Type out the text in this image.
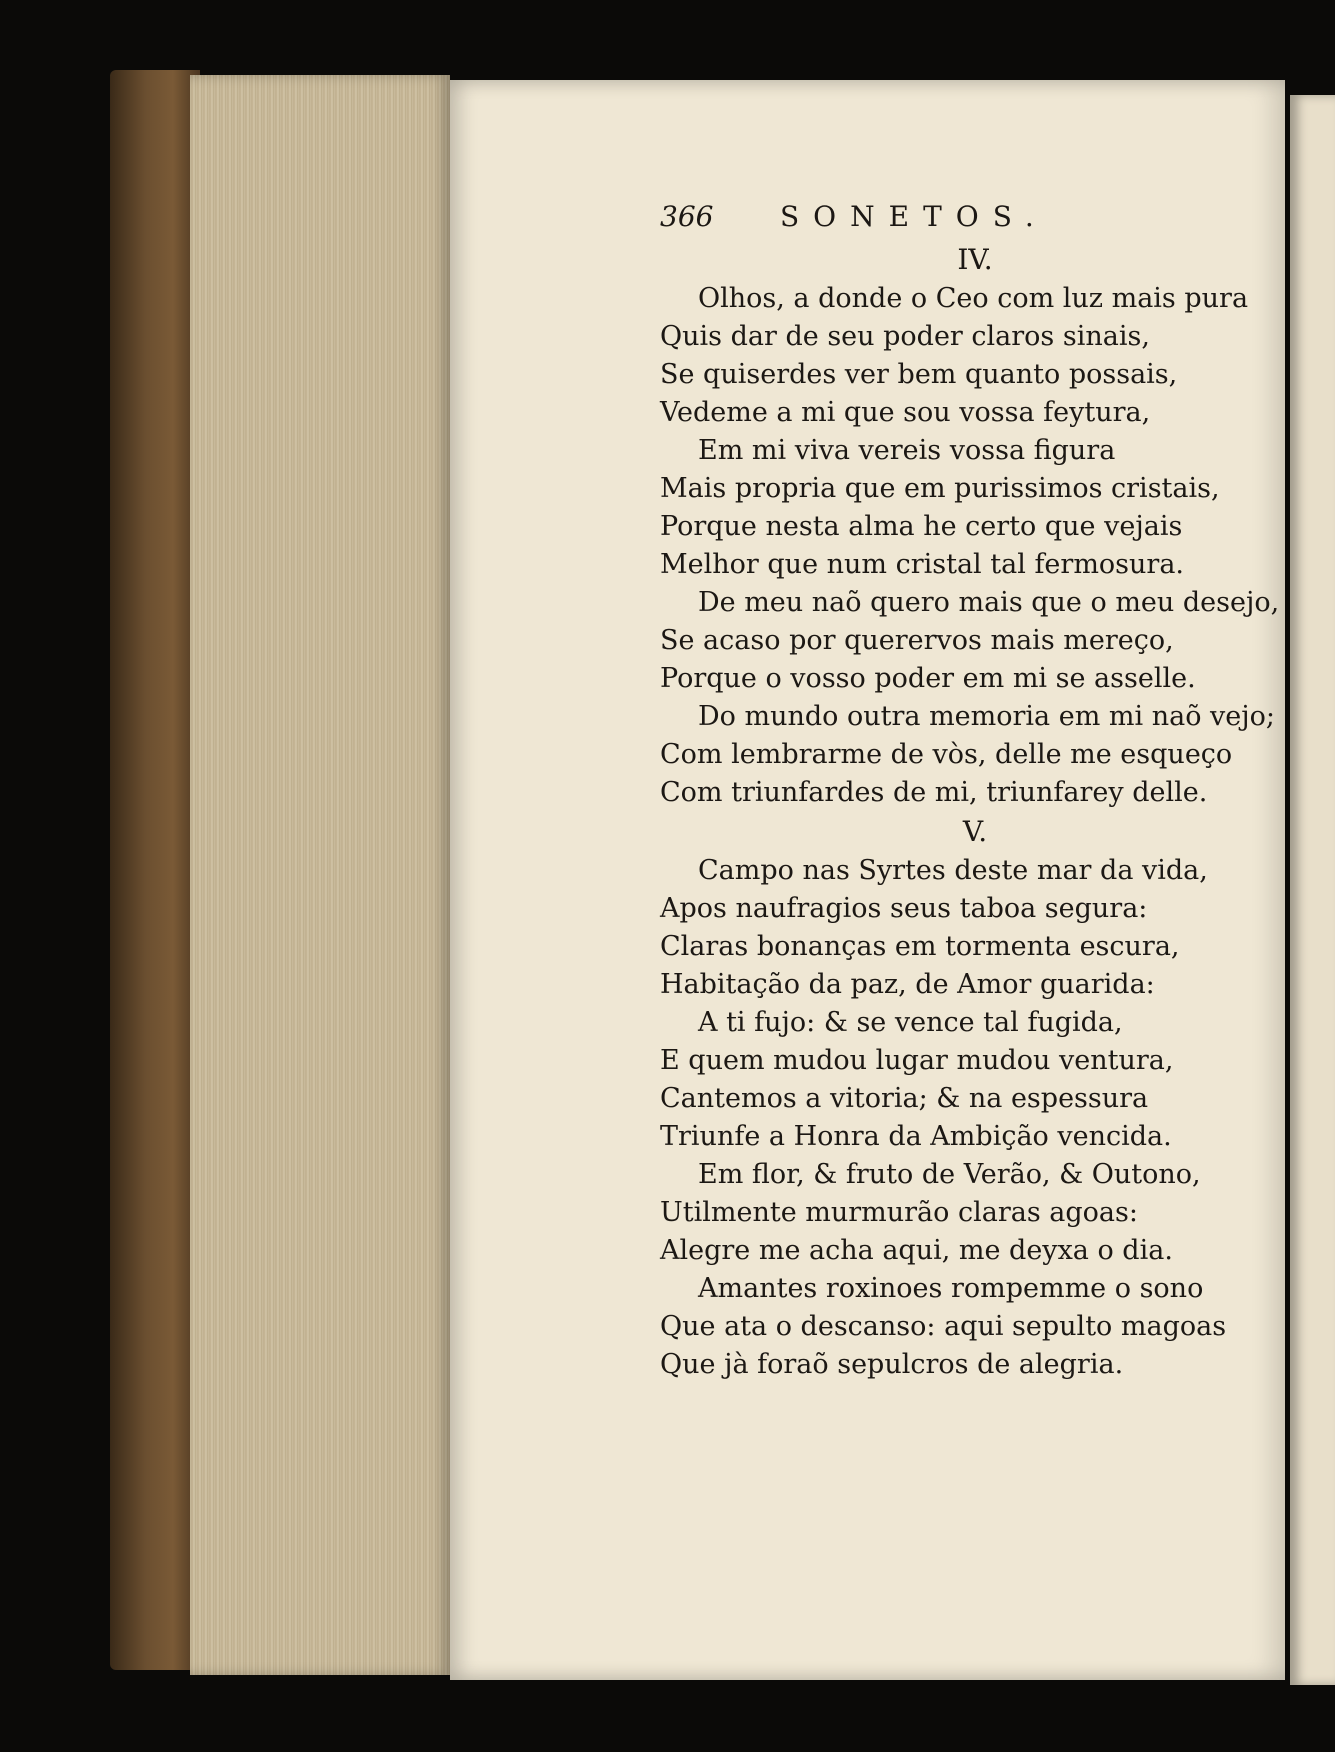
366	SONETOS.
IV.
Olhos, a donde o Ceo com luz mais pura
Quis dar de seu poder claros sinais,
Se quiserdes ver bem quanto possais,
Vedeme a mi que sou vossa feytura,
Em mi viva vereis vossa figura
Mais propria que em purissimos cristais,
Porque nesta alma he certo que vejais
Melhor que num cristal tal fermosura.
De meu naõ quero mais que o meu desejo,
Se acaso por querervos mais mereço,
Porque o vosso poder em mi se asselle.
Do mundo outra memoria em mi naõ vejo;
Com lembrarme de vòs, delle me esqueço
Com triunfardes de mi, triunfarey delle.
V.
Campo nas Syrtes deste mar da vida,
Apos naufragios seus taboa segura:
Claras bonanças em tormenta escura,
Habitação da paz, de Amor guarida:
A ti fujo: & se vence tal fugida,
E quem mudou lugar mudou ventura,
Cantemos a vitoria; & na espessura
Triunfe a Honra da Ambição vencida.
Em flor, & fruto de Verão, & Outono,
Utilmente murmurão claras agoas:
Alegre me acha aqui, me deyxa o dia.
Amantes roxinoes rompemme o sono
Que ata o descanso: aqui sepulto magoas
Que jà foraõ sepulcros de alegria.
